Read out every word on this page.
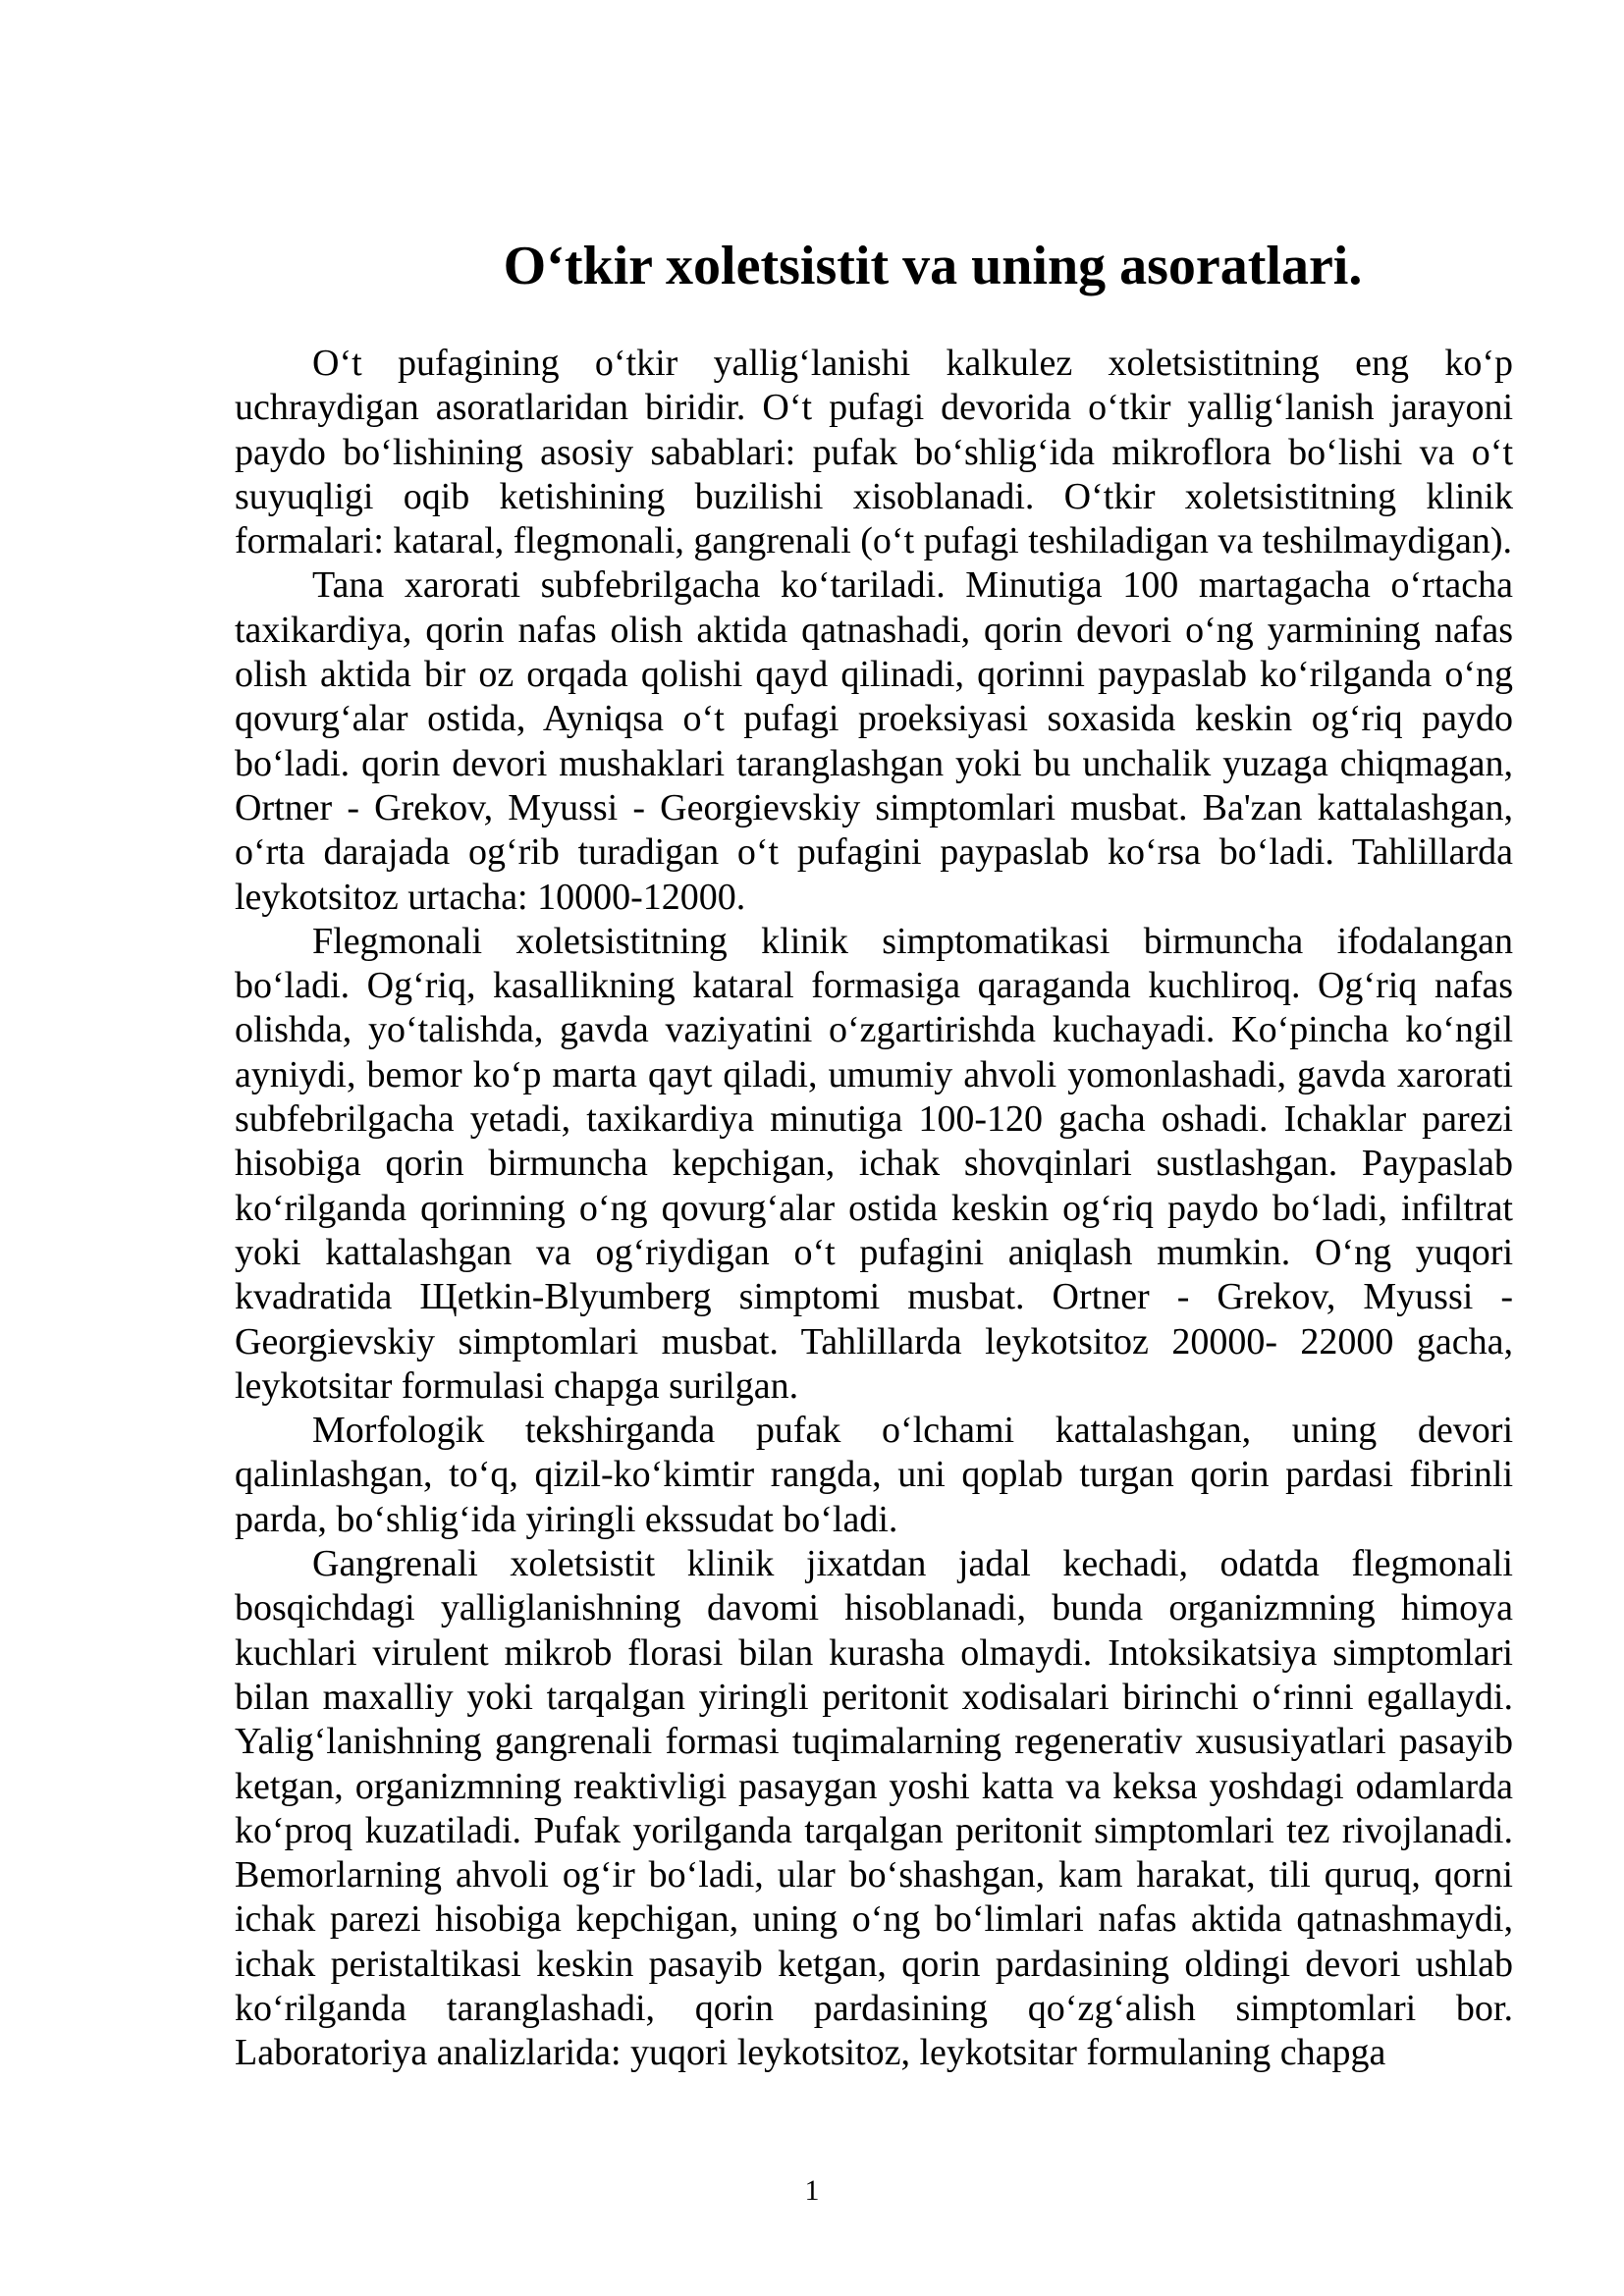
O‘tkir xoletsistit va uning asoratlari.

O‘t pufagining o‘tkir yallig‘lanishi kalkulez xoletsistitning eng ko‘p uchraydigan asoratlaridan biridir. O‘t pufagi devorida o‘tkir yallig‘lanish jarayoni paydo bo‘lishining asosiy sabablari: pufak bo‘shlig‘ida mikroflora bo‘lishi va o‘t suyuqligi oqib ketishining buzilishi xisoblanadi. O‘tkir xoletsistitning klinik formalari: kataral, flegmonali, gangrenali (o‘t pufagi teshiladigan va teshilmaydigan).

Tana xarorati subfebrilgacha ko‘tariladi. Minutiga 100 martagacha o‘rtacha taxikardiya, qorin nafas olish aktida qatnashadi, qorin devori o‘ng yarmining nafas olish aktida bir oz orqada qolishi qayd qilinadi, qorinni paypaslab ko‘rilganda o‘ng qovurg‘alar ostida, Ayniqsa o‘t pufagi proeksiyasi soxasida keskin og‘riq paydo bo‘ladi. qorin devori mushaklari taranglashgan yoki bu unchalik yuzaga chiqmagan, Ortner - Grekov, Myussi - Georgievskiy simptomlari musbat. Ba'zan kattalashgan, o‘rta darajada og‘rib turadigan o‘t pufagini paypaslab ko‘rsa bo‘ladi. Tahlillarda leykotsitoz urtacha: 10000-12000.

Flegmonali xoletsistitning klinik simptomatikasi birmuncha ifodalangan bo‘ladi. Og‘riq, kasallikning kataral formasiga qaraganda kuchliroq. Og‘riq nafas olishda, yo‘talishda, gavda vaziyatini o‘zgartirishda kuchayadi. Ko‘pincha ko‘ngil ayniydi, bemor ko‘p marta qayt qiladi, umumiy ahvoli yomonlashadi, gavda xarorati subfebrilgacha yetadi, taxikardiya minutiga 100-120 gacha oshadi. Ichaklar parezi hisobiga qorin birmuncha kepchigan, ichak shovqinlari sustlashgan. Paypaslab ko‘rilganda qorinning o‘ng qovurg‘alar ostida keskin og‘riq paydo bo‘ladi, infiltrat yoki kattalashgan va og‘riydigan o‘t pufagini aniqlash mumkin. O‘ng yuqori kvadratida Щetkin-Blyumberg simptomi musbat. Ortner - Grekov, Myussi - Georgievskiy simptomlari musbat. Tahlillarda leykotsitoz 20000- 22000 gacha, leykotsitar formulasi chapga surilgan.

Morfologik tekshirganda pufak o‘lchami kattalashgan, uning devori qalinlashgan, to‘q, qizil-ko‘kimtir rangda, uni qoplab turgan qorin pardasi fibrinli parda, bo‘shlig‘ida yiringli ekssudat bo‘ladi.

Gangrenali xoletsistit klinik jixatdan jadal kechadi, odatda flegmonali bosqichdagi yalliglanishning davomi hisoblanadi, bunda organizmning himoya kuchlari virulent mikrob florasi bilan kurasha olmaydi. Intoksikatsiya simptomlari bilan maxalliy yoki tarqalgan yiringli peritonit xodisalari birinchi o‘rinni egallaydi. Yalig‘lanishning gangrenali formasi tuqimalarning regenerativ xususiyatlari pasayib ketgan, organizmning reaktivligi pasaygan yoshi katta va keksa yoshdagi odamlarda ko‘proq kuzatiladi. Pufak yorilganda tarqalgan peritonit simptomlari tez rivojlanadi. Bemorlarning ahvoli og‘ir bo‘ladi, ular bo‘shashgan, kam harakat, tili quruq, qorni ichak parezi hisobiga kepchigan, uning o‘ng bo‘limlari nafas aktida qatnashmaydi, ichak peristaltikasi keskin pasayib ketgan, qorin pardasining oldingi devori ushlab ko‘rilganda taranglashadi, qorin pardasining qo‘zg‘alish simptomlari bor. Laboratoriya analizlarida: yuqori leykotsitoz, leykotsitar formulaning chapga

1
